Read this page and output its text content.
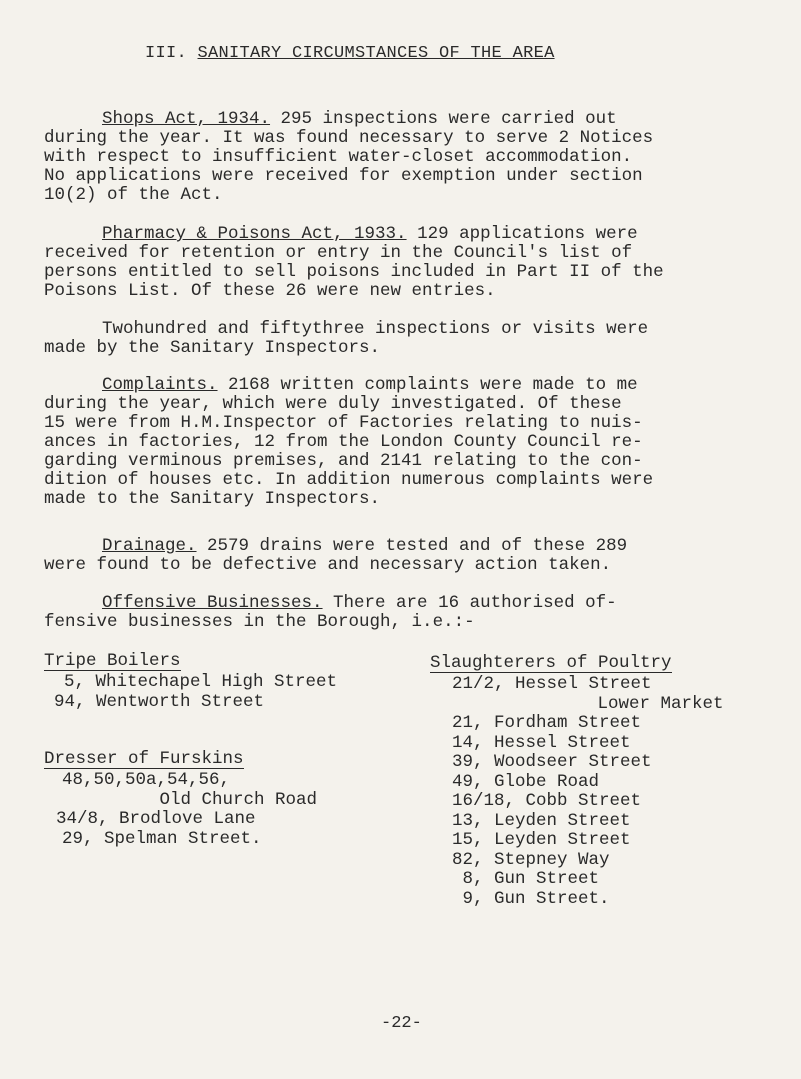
III. SANITARY CIRCUMSTANCES OF THE AREA
Shops Act, 1934. 295 inspections were carried out
during the year. It was found necessary to serve 2 Notices
with respect to insufficient water-closet accommodation.
No applications were received for exemption under section
10(2) of the Act.
Pharmacy & Poisons Act, 1933. 129 applications were
received for retention or entry in the Council's list of
persons entitled to sell poisons included in Part II of the
Poisons List. Of these 26 were new entries.
Twohundred and fiftythree inspections or visits were
made by the Sanitary Inspectors.
Complaints. 2168 written complaints were made to me
during the year, which were duly investigated. Of these
15 were from H.M.Inspector of Factories relating to nuis-
ances in factories, 12 from the London County Council re-
garding verminous premises, and 2141 relating to the con-
dition of houses etc. In addition numerous complaints were
made to the Sanitary Inspectors.
Drainage. 2579 drains were tested and of these 289
were found to be defective and necessary action taken.
Offensive Businesses. There are 16 authorised of-
fensive businesses in the Borough, i.e.:-
Tripe Boilers
5, Whitechapel High Street
94, Wentworth Street
Dresser of Furskins
48,50,50a,54,56,
Old Church Road
34/8, Brodlove Lane
29, Spelman Street.
Slaughterers of Poultry
21/2, Hessel Street
Lower Market
21, Fordham Street
14, Hessel Street
39, Woodseer Street
49, Globe Road
16/18, Cobb Street
13, Leyden Street
15, Leyden Street
82, Stepney Way
8, Gun Street
9, Gun Street.
-22-
